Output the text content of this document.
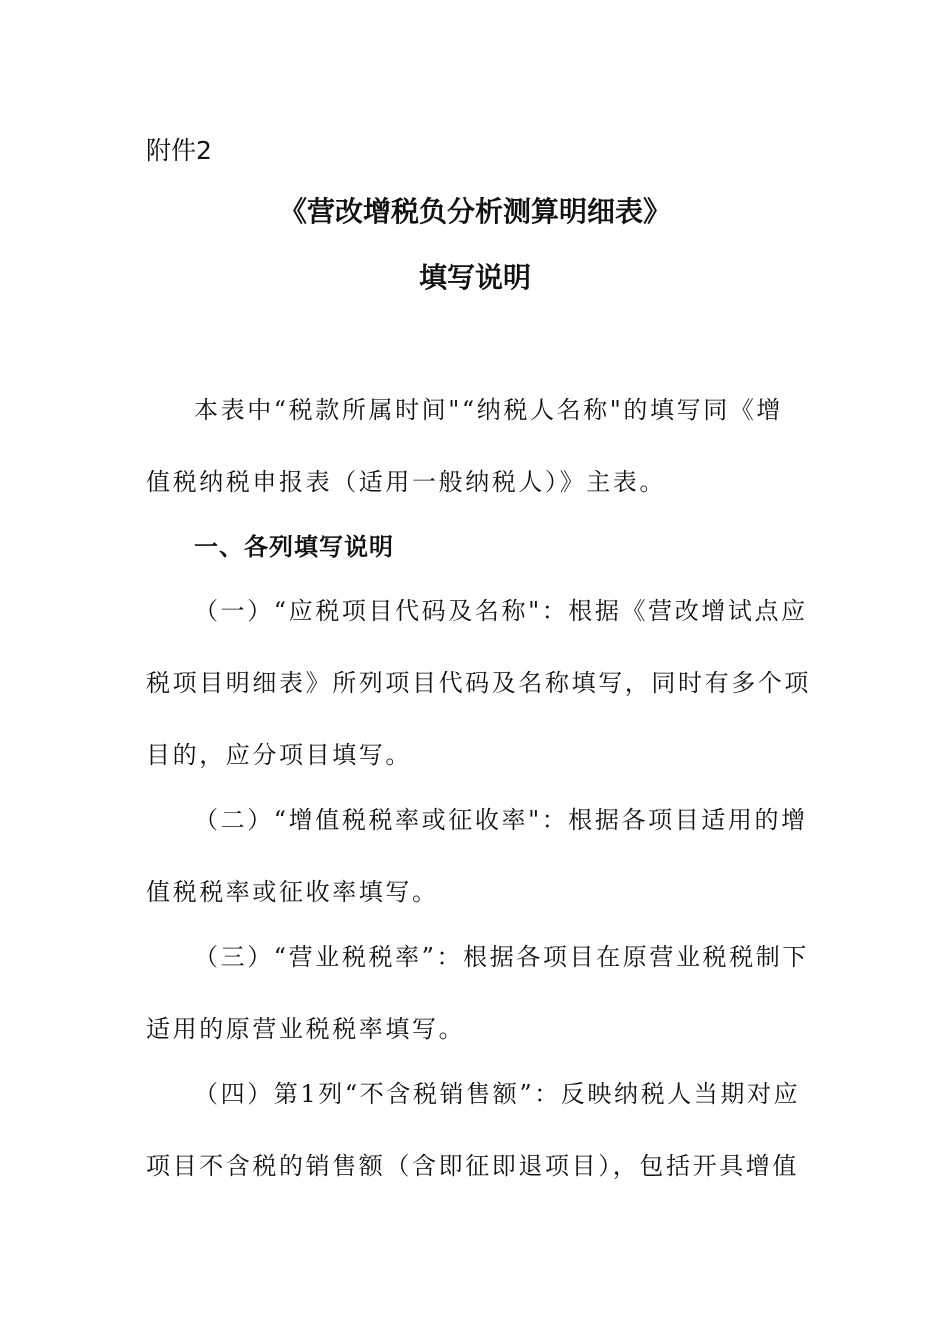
附件2
《营改增税负分析测算明细表》
填写说明
本表中“税款所属时间"“纳税人名称"的填写同《增
值税纳税申报表（适用一般纳税人）》主表。
一、各列填写说明
（一）“应税项目代码及名称"：根据《营改增试点应
税项目明细表》所列项目代码及名称填写，同时有多个项
目的，应分项目填写。
（二）“增值税税率或征收率"：根据各项目适用的增
值税税率或征收率填写。
（三）“营业税税率”：根据各项目在原营业税税制下
适用的原营业税税率填写。
（四）第1列“不含税销售额”：反映纳税人当期对应
项目不含税的销售额（含即征即退项目），包括开具增值
